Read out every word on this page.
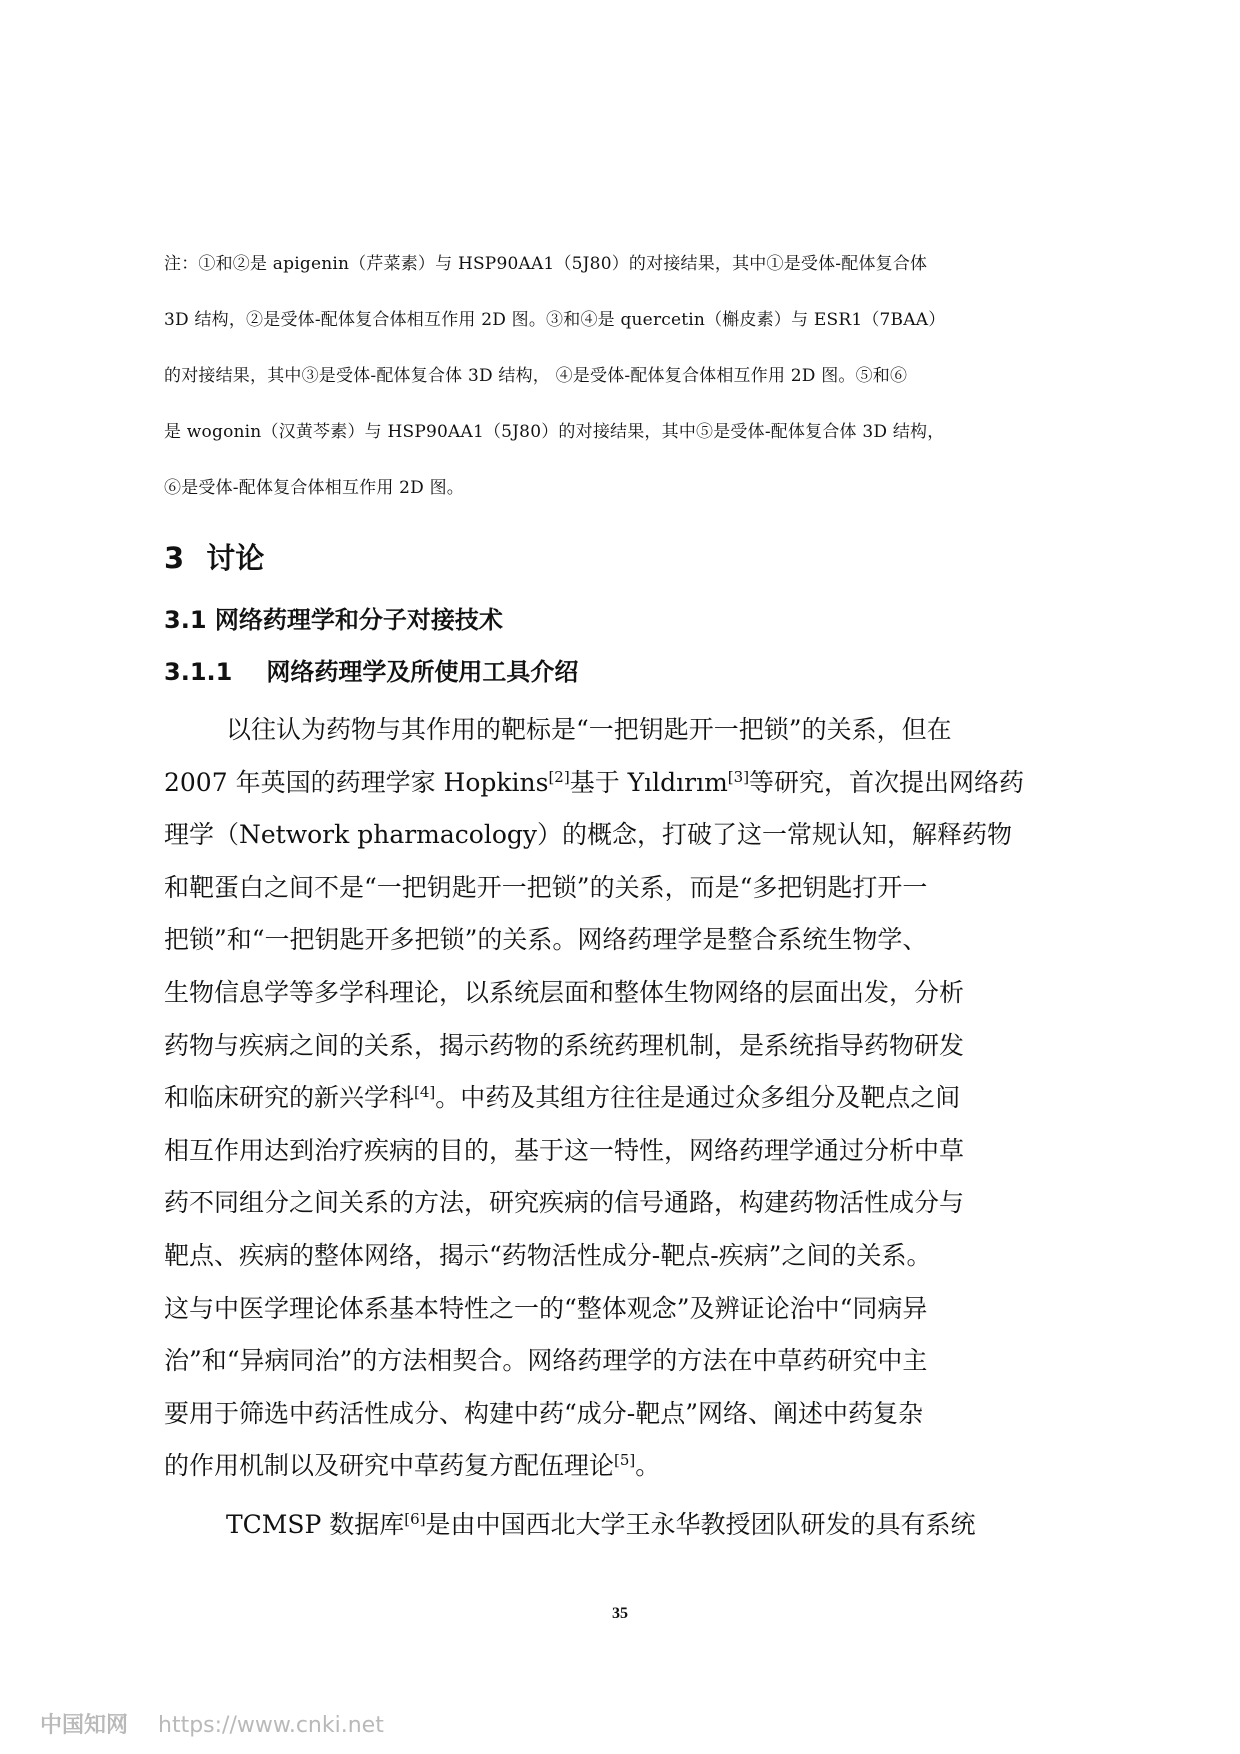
注：①和②是 apigenin（芹菜素）与 HSP90AA1（5J80）的对接结果，其中①是受体-配体复合体
3D 结构，②是受体-配体复合体相互作用 2D 图。③和④是 quercetin（槲皮素）与 ESR1（7BAA）
的对接结果，其中③是受体-配体复合体 3D 结构， ④是受体-配体复合体相互作用 2D 图。⑤和⑥
是 wogonin（汉黄芩素）与 HSP90AA1（5J80）的对接结果，其中⑤是受体-配体复合体 3D 结构，
⑥是受体-配体复合体相互作用 2D 图。
3 讨论
3.1 网络药理学和分子对接技术
3.1.1 网络药理学及所使用工具介绍
以往认为药物与其作用的靶标是“一把钥匙开一把锁”的关系，但在
2007 年英国的药理学家 Hopkins[2]基于 Yıldırım[3]等研究，首次提出网络药
理学（Network pharmacology）的概念，打破了这一常规认知，解释药物
和靶蛋白之间不是“一把钥匙开一把锁”的关系，而是“多把钥匙打开一
把锁”和“一把钥匙开多把锁”的关系。网络药理学是整合系统生物学、
生物信息学等多学科理论，以系统层面和整体生物网络的层面出发，分析
药物与疾病之间的关系，揭示药物的系统药理机制，是系统指导药物研发
和临床研究的新兴学科[4]。中药及其组方往往是通过众多组分及靶点之间
相互作用达到治疗疾病的目的，基于这一特性，网络药理学通过分析中草
药不同组分之间关系的方法，研究疾病的信号通路，构建药物活性成分与
靶点、疾病的整体网络，揭示“药物活性成分-靶点-疾病”之间的关系。
这与中医学理论体系基本特性之一的“整体观念”及辨证论治中“同病异
治”和“异病同治”的方法相契合。网络药理学的方法在中草药研究中主
要用于筛选中药活性成分、构建中药“成分-靶点”网络、阐述中药复杂
的作用机制以及研究中草药复方配伍理论[5]。
TCMSP 数据库[6]是由中国西北大学王永华教授团队研发的具有系统
35
中国知网 https://www.cnki.net
